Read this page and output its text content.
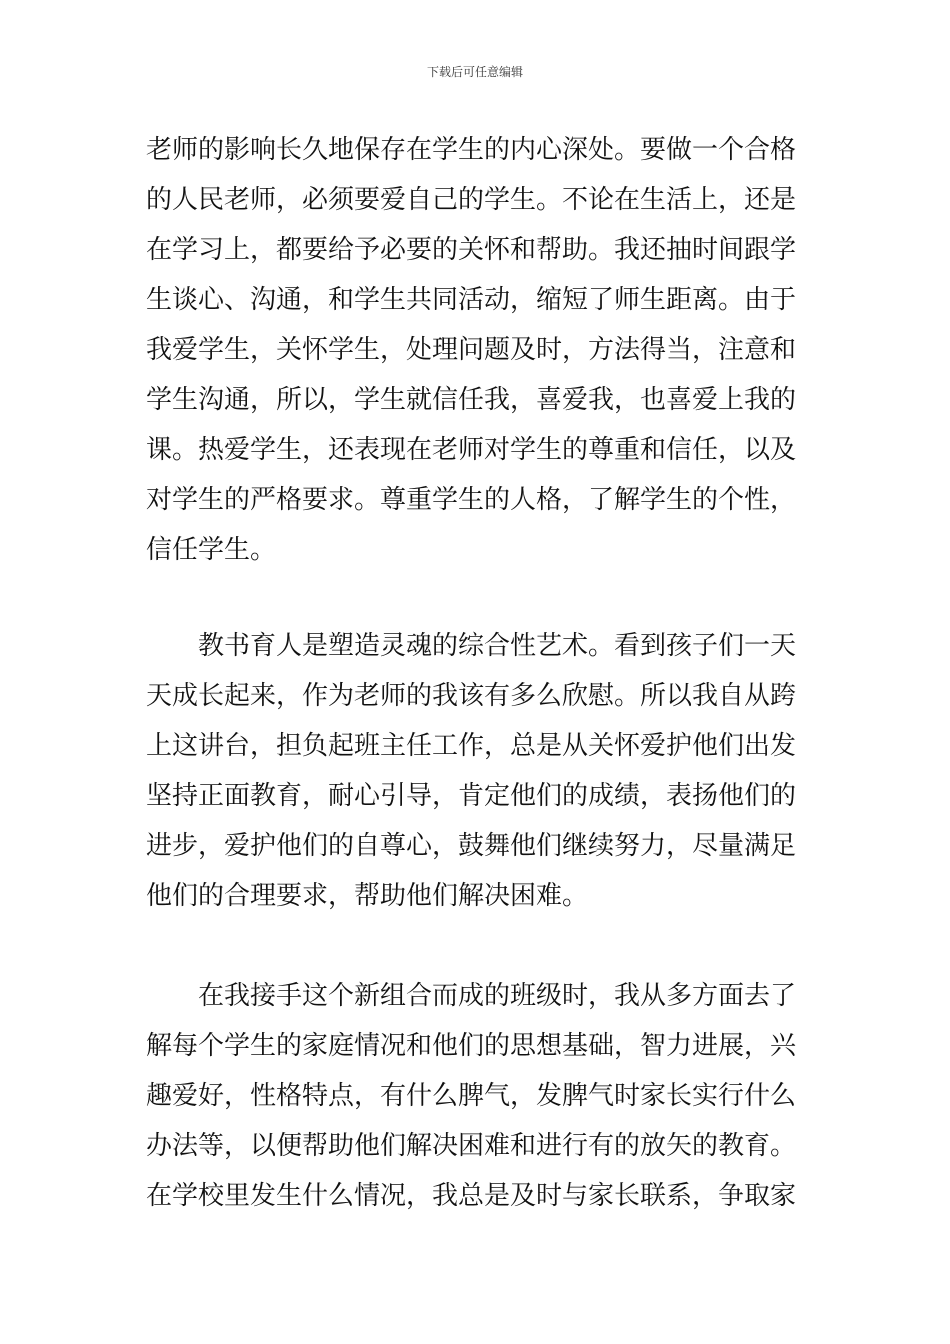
下载后可任意编辑
老师的影响长久地保存在学生的内心深处。要做一个合格
的人民老师，必须要爱自己的学生。不论在生活上，还是
在学习上，都要给予必要的关怀和帮助。我还抽时间跟学
生谈心、沟通，和学生共同活动，缩短了师生距离。由于
我爱学生，关怀学生，处理问题及时，方法得当，注意和
学生沟通，所以，学生就信任我，喜爱我，也喜爱上我的
课。热爱学生，还表现在老师对学生的尊重和信任，以及
对学生的严格要求。尊重学生的人格，了解学生的个性，
信任学生。
教书育人是塑造灵魂的综合性艺术。看到孩子们一天
天成长起来，作为老师的我该有多么欣慰。所以我自从跨
上这讲台，担负起班主任工作，总是从关怀爱护他们出发
坚持正面教育，耐心引导，肯定他们的成绩，表扬他们的
进步，爱护他们的自尊心，鼓舞他们继续努力，尽量满足
他们的合理要求，帮助他们解决困难。
在我接手这个新组合而成的班级时，我从多方面去了
解每个学生的家庭情况和他们的思想基础，智力进展，兴
趣爱好，性格特点，有什么脾气，发脾气时家长实行什么
办法等，以便帮助他们解决困难和进行有的放矢的教育。
在学校里发生什么情况，我总是及时与家长联系，争取家
